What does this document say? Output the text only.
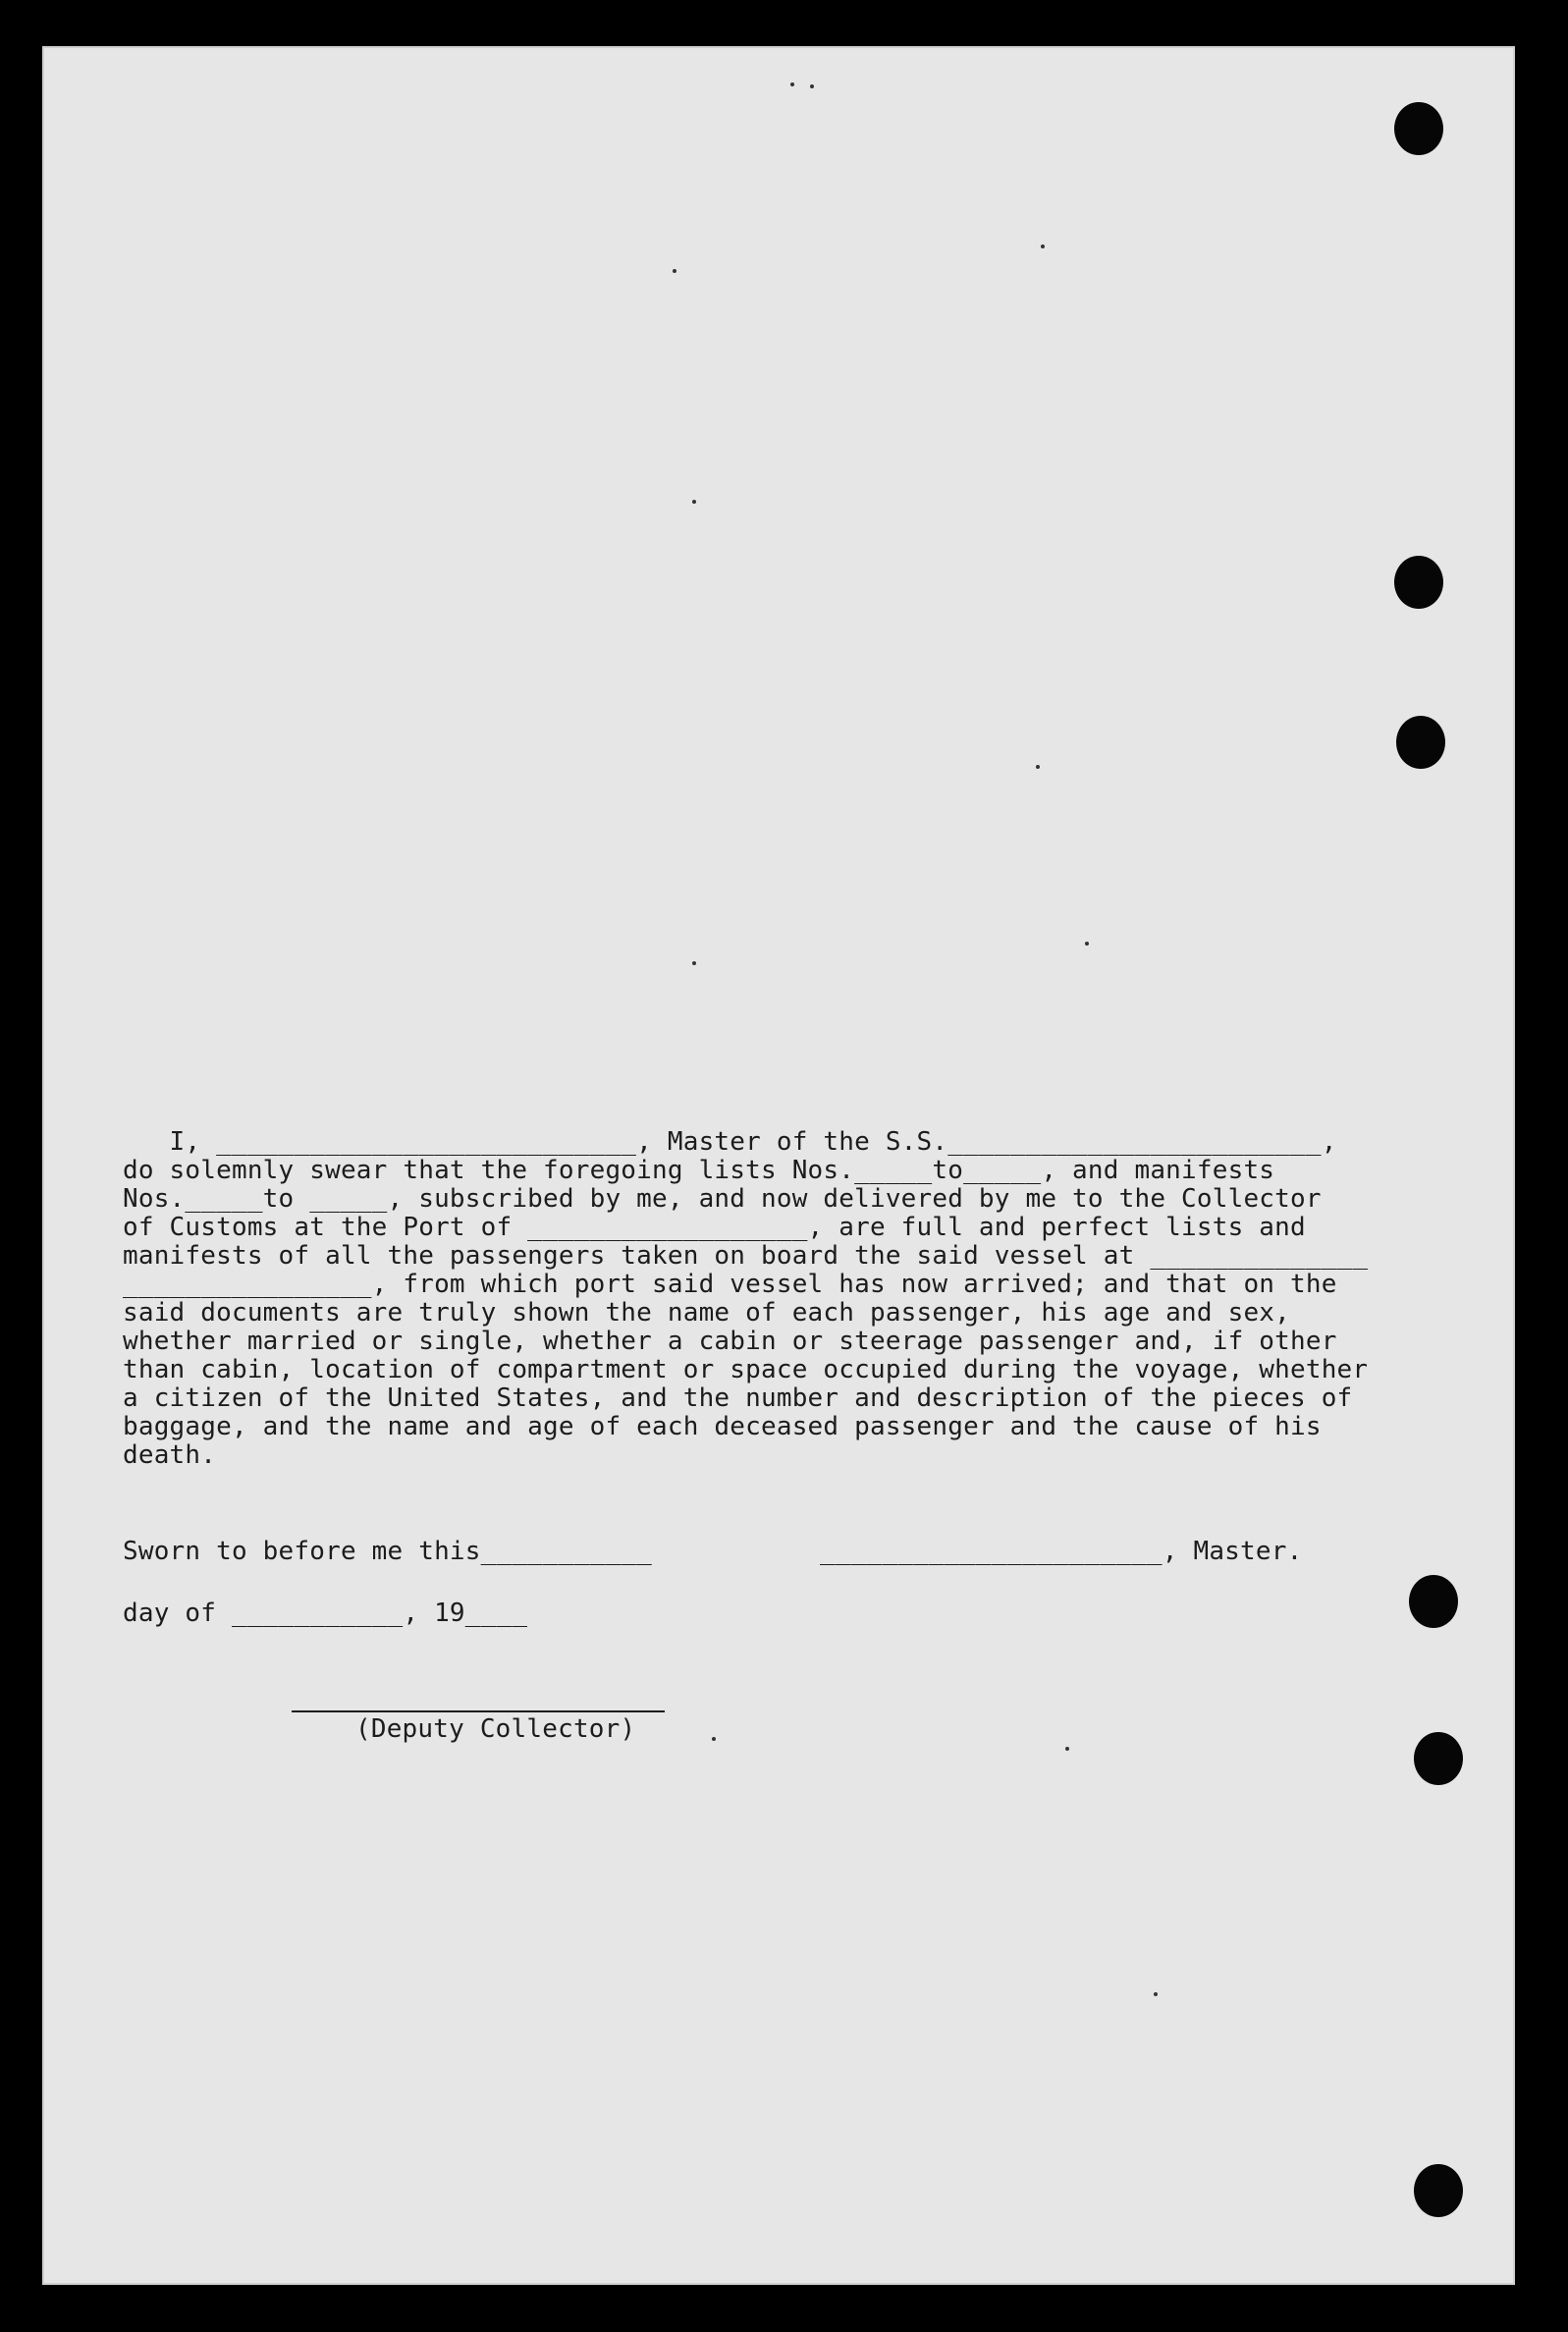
I, ___________________________, Master of the S.S.________________________,
do solemnly swear that the foregoing lists Nos._____to_____, and manifests
Nos._____to _____, subscribed by me, and now delivered by me to the Collector
of Customs at the Port of __________________, are full and perfect lists and
manifests of all the passengers taken on board the said vessel at ______________
________________, from which port said vessel has now arrived; and that on the
said documents are truly shown the name of each passenger, his age and sex,
whether married or single, whether a cabin or steerage passenger and, if other
than cabin, location of compartment or space occupied during the voyage, whether
a citizen of the United States, and the number and description of the pieces of
baggage, and the name and age of each deceased passenger and the cause of his
death.
Sworn to before me this___________	______________________, Master.
day of ___________, 19____
(Deputy Collector)
